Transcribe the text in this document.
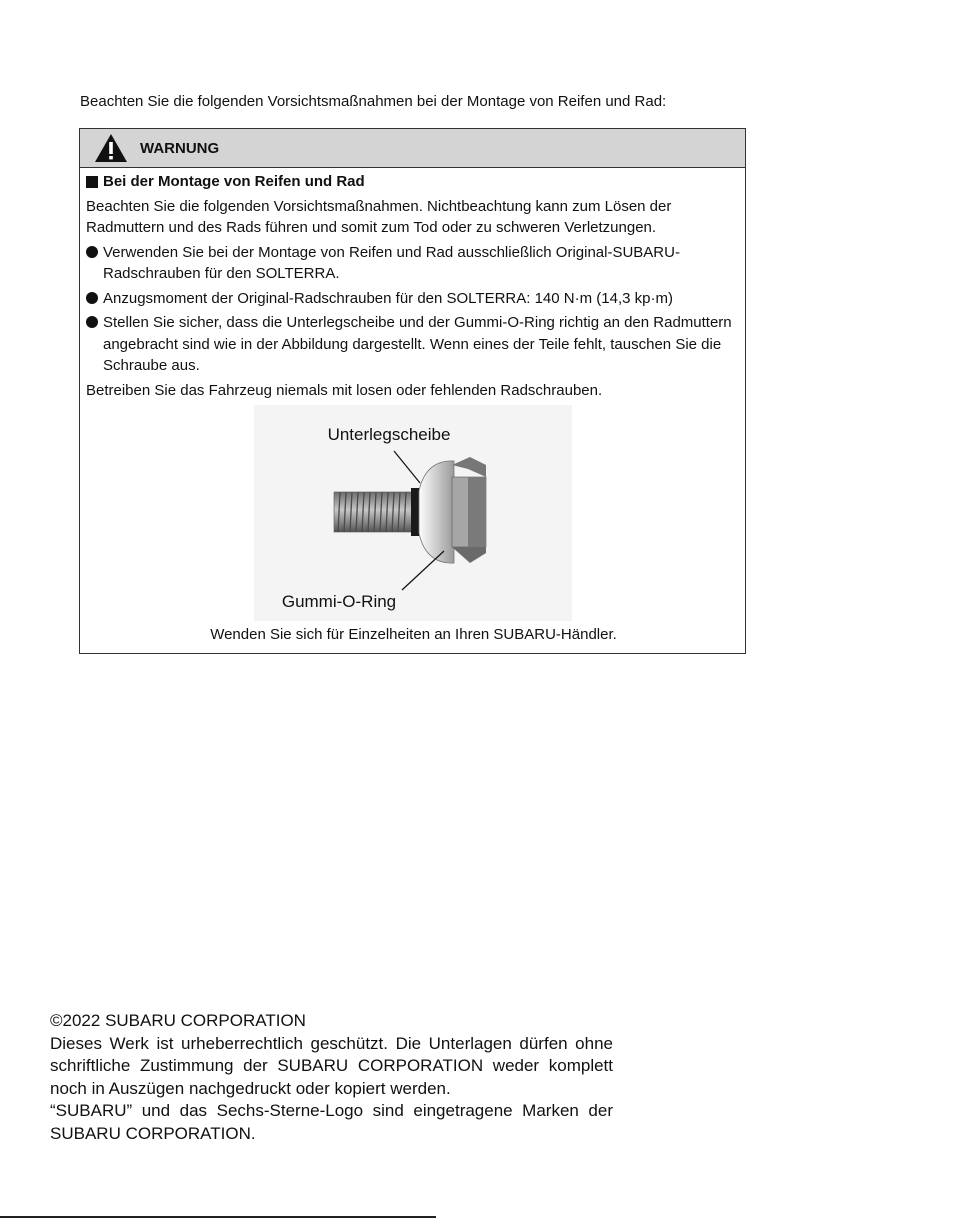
Beachten Sie die folgenden Vorsichtsmaßnahmen bei der Montage von Reifen und Rad:
WARNUNG
Bei der Montage von Reifen und Rad
Beachten Sie die folgenden Vorsichtsmaßnahmen. Nichtbeachtung kann zum Lösen der Radmuttern und des Rads führen und somit zum Tod oder zu schweren Verletzungen.
Verwenden Sie bei der Montage von Reifen und Rad ausschließlich Original-SUBARU-Radschrauben für den SOLTERRA.
Anzugsmoment der Original-Radschrauben für den SOLTERRA: 140 N·m (14,3 kp·m)
Stellen Sie sicher, dass die Unterlegscheibe und der Gummi-O-Ring richtig an den Radmuttern angebracht sind wie in der Abbildung dargestellt. Wenn eines der Teile fehlt, tauschen Sie die Schraube aus.
Betreiben Sie das Fahrzeug niemals mit losen oder fehlenden Radschrauben.
Unterlegscheibe
Gummi-O-Ring
Wenden Sie sich für Einzelheiten an Ihren SUBARU-Händler.
©2022 SUBARU CORPORATION
Dieses Werk ist urheberrechtlich geschützt. Die Unterlagen dürfen ohne schriftliche Zustimmung der SUBARU CORPORATION weder komplett noch in Auszügen nachgedruckt oder kopiert werden.
“SUBARU” und das Sechs-Sterne-Logo sind eingetragene Marken der SUBARU CORPORATION.
